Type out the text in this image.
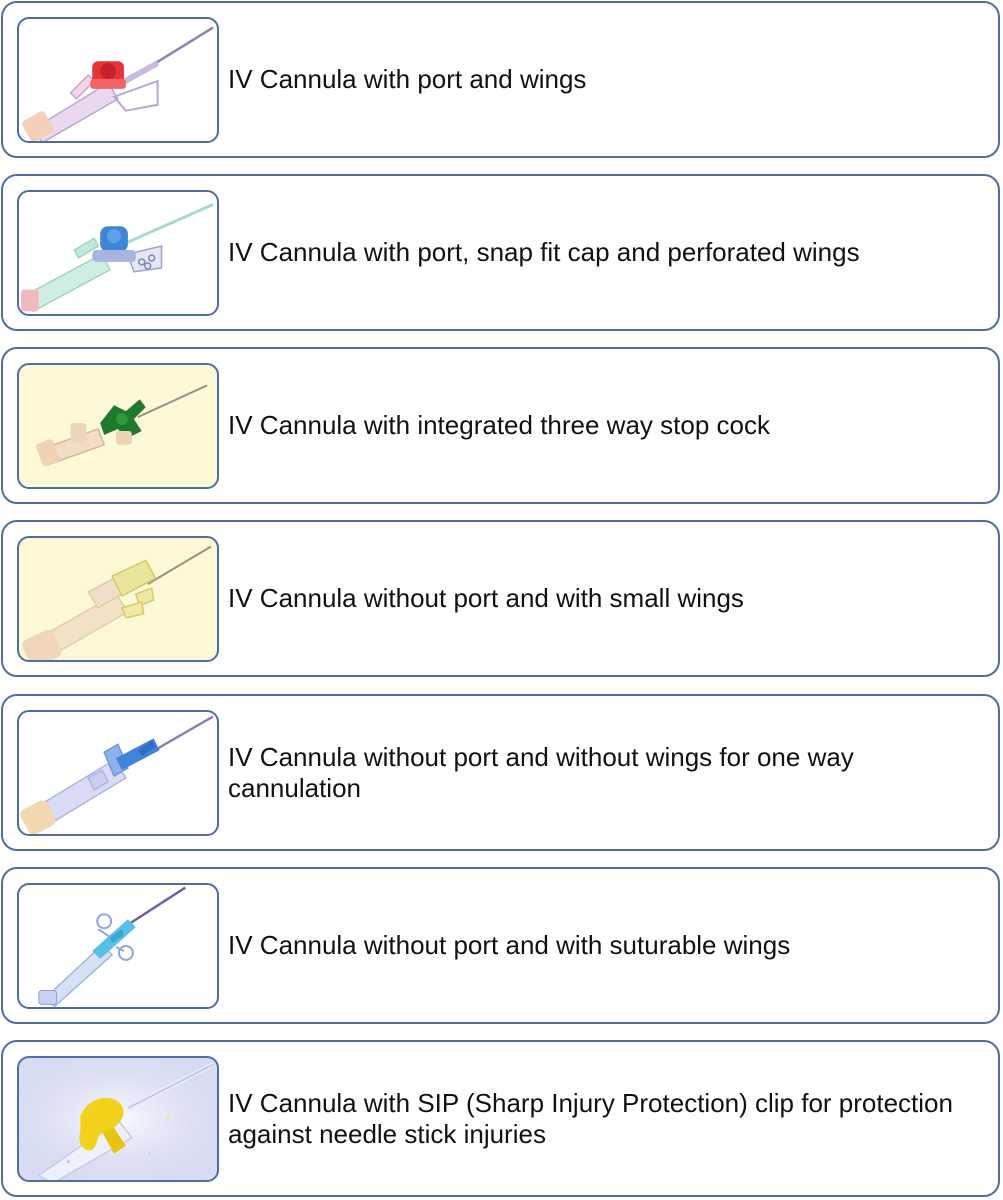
IV Cannula with port and wings
IV Cannula with port, snap fit cap and perforated wings
IV Cannula with integrated three way stop cock
IV Cannula without port and with small wings
IV Cannula without port and without wings for one way cannulation
IV Cannula without port and with suturable wings
IV Cannula with SIP (Sharp Injury Protection) clip for protection against needle stick injuries
